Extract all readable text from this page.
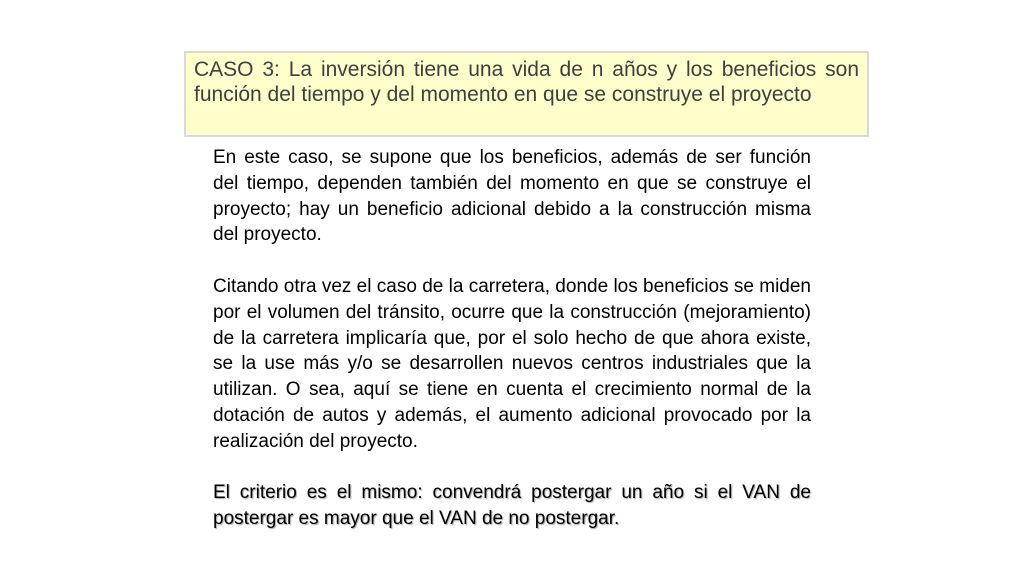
CASO 3: La inversión tiene una vida de n años y los beneficios son función del tiempo y del momento en que se construye el proyecto

En este caso, se supone que los beneficios, además de ser función del tiempo, dependen también del momento en que se construye el proyecto; hay un beneficio adicional debido a la construcción misma del proyecto.

Citando otra vez el caso de la carretera, donde los beneficios se miden por el volumen del tránsito, ocurre que la construcción (mejoramiento) de la carretera implicaría que, por el solo hecho de que ahora existe, se la use más y/o se desarrollen nuevos centros industriales que la utilizan. O sea, aquí se tiene en cuenta el crecimiento normal de la dotación de autos y además, el aumento adicional provocado por la realización del proyecto.

El criterio es el mismo: convendrá postergar un año si el VAN de postergar es mayor que el VAN de no postergar.
